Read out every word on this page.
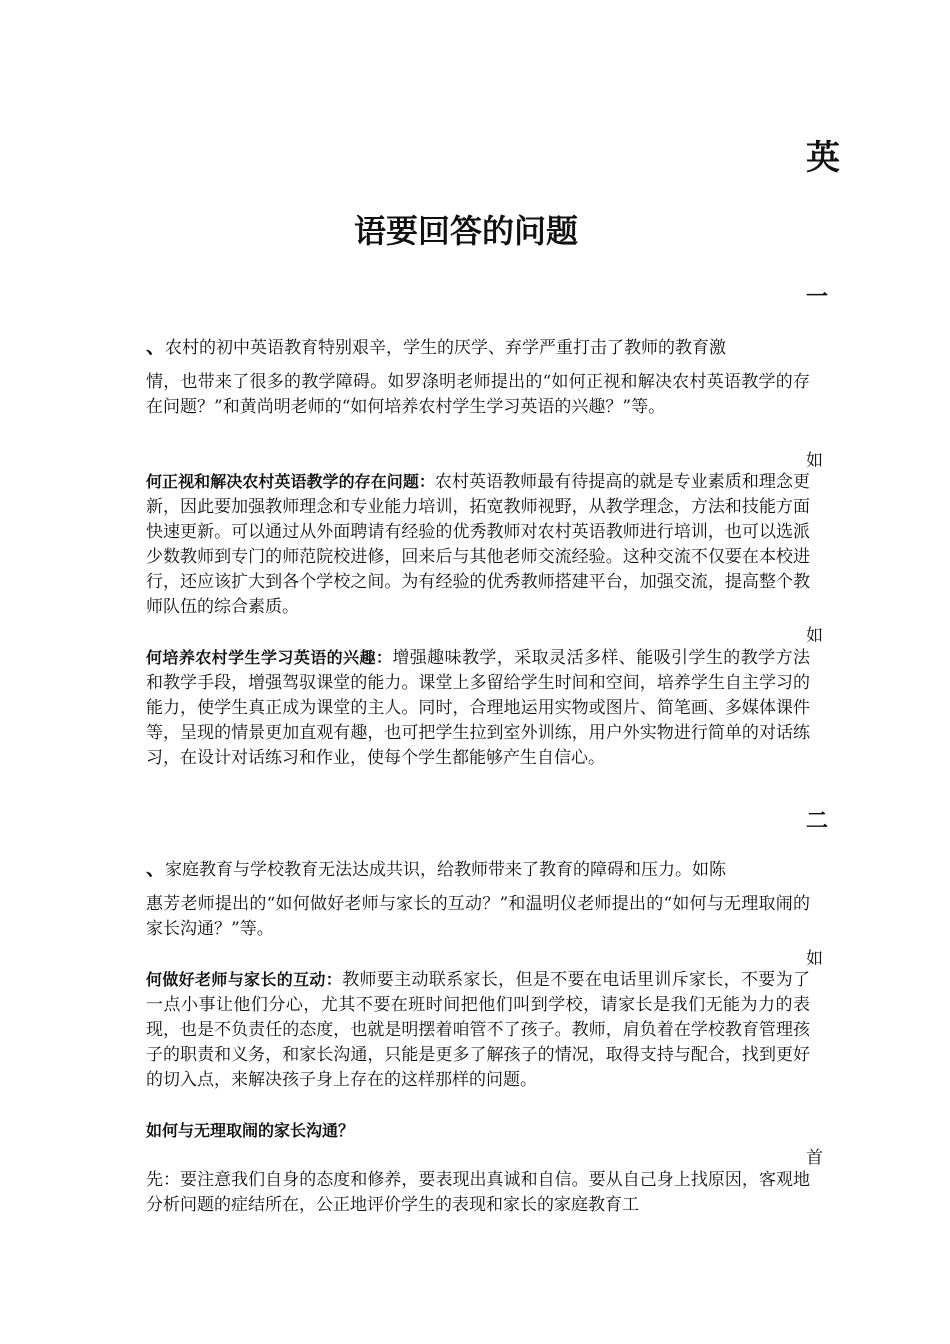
英
语要回答的问题
一
、农村的初中英语教育特别艰辛，学生的厌学、弃学严重打击了教师的教育激
情，也带来了很多的教学障碍。如罗涤明老师提出的“如何正视和解决农村英语教学的存在问题？”和黄尚明老师的“如何培养农村学生学习英语的兴趣？”等。
如
何正视和解决农村英语教学的存在问题：农村英语教师最有待提高的就是专业素质和理念更新，因此要加强教师理念和专业能力培训，拓宽教师视野，从教学理念，方法和技能方面快速更新。可以通过从外面聘请有经验的优秀教师对农村英语教师进行培训，也可以选派少数教师到专门的师范院校进修，回来后与其他老师交流经验。这种交流不仅要在本校进行，还应该扩大到各个学校之间。为有经验的优秀教师搭建平台，加强交流，提高整个教师队伍的综合素质。
如
何培养农村学生学习英语的兴趣：增强趣味教学，采取灵活多样、能吸引学生的教学方法和教学手段，增强驾驭课堂的能力。课堂上多留给学生时间和空间，培养学生自主学习的能力，使学生真正成为课堂的主人。同时，合理地运用实物或图片、简笔画、多媒体课件等，呈现的情景更加直观有趣，也可把学生拉到室外训练，用户外实物进行简单的对话练习，在设计对话练习和作业，使每个学生都能够产生自信心。
二
、家庭教育与学校教育无法达成共识，给教师带来了教育的障碍和压力。如陈
惠芳老师提出的“如何做好老师与家长的互动？”和温明仪老师提出的“如何与无理取闹的家长沟通？”等。
如
何做好老师与家长的互动：教师要主动联系家长，但是不要在电话里训斥家长，不要为了一点小事让他们分心，尤其不要在班时间把他们叫到学校，请家长是我们无能为力的表现，也是不负责任的态度，也就是明摆着咱管不了孩子。教师，肩负着在学校教育管理孩子的职责和义务，和家长沟通，只能是更多了解孩子的情况，取得支持与配合，找到更好的切入点，来解决孩子身上存在的这样那样的问题。
如何与无理取闹的家长沟通？
首
先：要注意我们自身的态度和修养，要表现出真诚和自信。要从自己身上找原因，客观地分析问题的症结所在，公正地评价学生的表现和家长的家庭教育工
